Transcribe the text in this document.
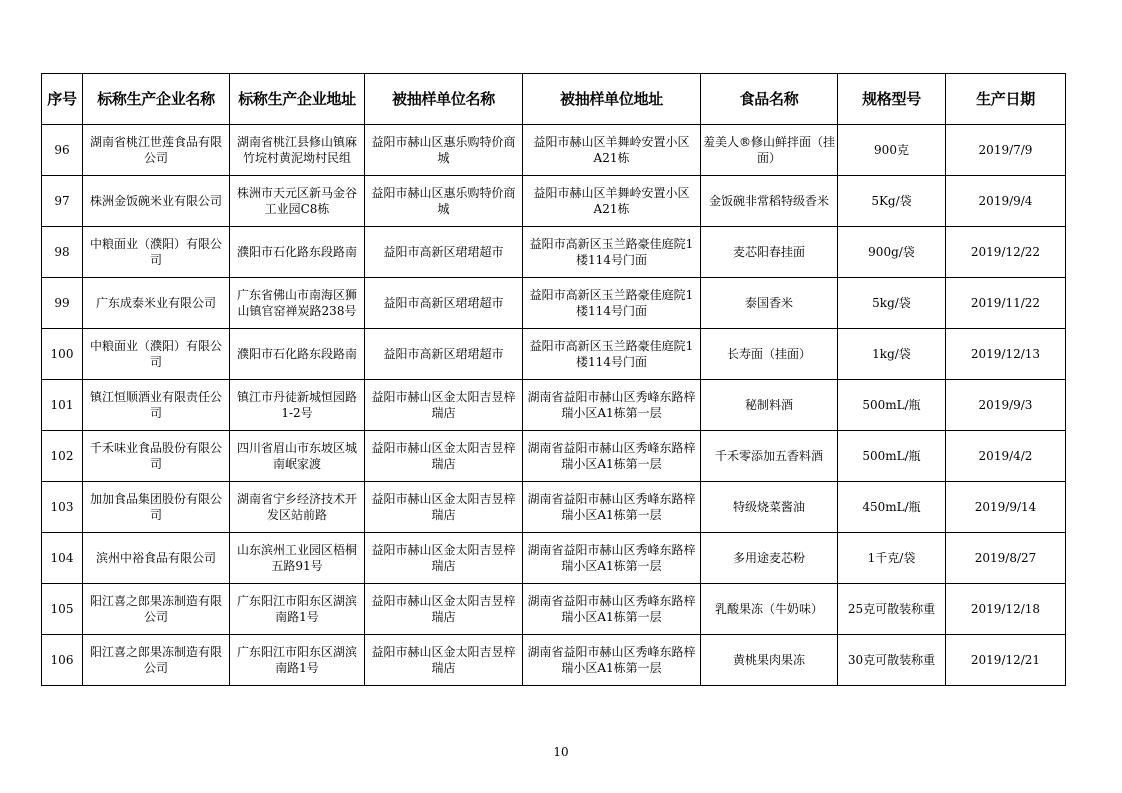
序号	标称生产企业名称	标称生产企业地址	被抽样单位名称	被抽样单位地址	食品名称	规格型号	生产日期
96	湖南省桃江世莲食品有限公司	湖南省桃江县修山镇麻竹垸村黄泥坳村民组	益阳市赫山区惠乐购特价商城	益阳市赫山区羊舞岭安置小区A21栋	羞美人®修山鲜拌面（挂面）	900克	2019/7/9
97	株洲金饭碗米业有限公司	株洲市天元区新马金谷工业园C8栋	益阳市赫山区惠乐购特价商城	益阳市赫山区羊舞岭安置小区A21栋	金饭碗非常稻特级香米	5Kg/袋	2019/9/4
98	中粮面业（濮阳）有限公司	濮阳市石化路东段路南	益阳市高新区珺珺超市	益阳市高新区玉兰路豪佳庭院1楼114号门面	麦芯阳春挂面	900g/袋	2019/12/22
99	广东成泰米业有限公司	广东省佛山市南海区狮山镇官窑禅炭路238号	益阳市高新区珺珺超市	益阳市高新区玉兰路豪佳庭院1楼114号门面	泰国香米	5kg/袋	2019/11/22
100	中粮面业（濮阳）有限公司	濮阳市石化路东段路南	益阳市高新区珺珺超市	益阳市高新区玉兰路豪佳庭院1楼114号门面	长寿面（挂面）	1kg/袋	2019/12/13
101	镇江恒顺酒业有限责任公司	镇江市丹徒新城恒园路1-2号	益阳市赫山区金太阳吉昱梓瑞店	湖南省益阳市赫山区秀峰东路梓瑞小区A1栋第一层	秘制料酒	500mL/瓶	2019/9/3
102	千禾味业食品股份有限公司	四川省眉山市东坡区城南岷家渡	益阳市赫山区金太阳吉昱梓瑞店	湖南省益阳市赫山区秀峰东路梓瑞小区A1栋第一层	千禾零添加五香料酒	500mL/瓶	2019/4/2
103	加加食品集团股份有限公司	湖南省宁乡经济技术开发区站前路	益阳市赫山区金太阳吉昱梓瑞店	湖南省益阳市赫山区秀峰东路梓瑞小区A1栋第一层	特级烧菜酱油	450mL/瓶	2019/9/14
104	滨州中裕食品有限公司	山东滨州工业园区梧桐五路91号	益阳市赫山区金太阳吉昱梓瑞店	湖南省益阳市赫山区秀峰东路梓瑞小区A1栋第一层	多用途麦芯粉	1千克/袋	2019/8/27
105	阳江喜之郎果冻制造有限公司	广东阳江市阳东区湖滨南路1号	益阳市赫山区金太阳吉昱梓瑞店	湖南省益阳市赫山区秀峰东路梓瑞小区A1栋第一层	乳酸果冻（牛奶味）	25克可散装称重	2019/12/18
106	阳江喜之郎果冻制造有限公司	广东阳江市阳东区湖滨南路1号	益阳市赫山区金太阳吉昱梓瑞店	湖南省益阳市赫山区秀峰东路梓瑞小区A1栋第一层	黄桃果肉果冻	30克可散装称重	2019/12/21
10
